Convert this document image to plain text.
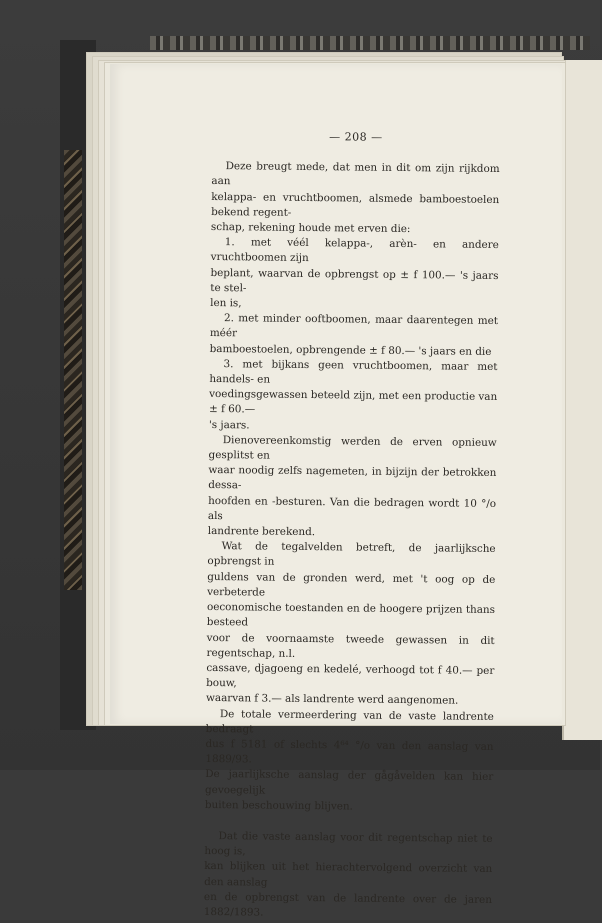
— 208 —

Deze breugt mede, dat men in dit om zijn rijkdom aan
kelappa- en vruchtboomen, alsmede bamboestoelen bekend regent-
schap, rekening houde met erven die:

1. met véél kelappa-, arèn- en andere vruchtboomen zijn
beplant, waarvan de opbrengst op ± f 100.— 's jaars te stel-
len is,

2. met minder ooftboomen, maar daarentegen met méér
bamboestoelen, opbrengende ± f 80.— 's jaars en die

3. met bijkans geen vruchtboomen, maar met handels- en
voedingsgewassen beteeld zijn, met een productie van ± f 60.—
's jaars.

Dienovereenkomstig werden de erven opnieuw gesplitst en
waar noodig zelfs nagemeten, in bijzijn der betrokken dessa-
hoofden en -besturen. Van die bedragen wordt 10 °/o als
landrente berekend.

Wat de tegalvelden betreft, de jaarlijksche opbrengst in
guldens van de gronden werd, met 't oog op de verbeterde
oeconomische toestanden en de hoogere prijzen thans besteed
voor de voornaamste tweede gewassen in dit regentschap, n.l.
cassave, djagoeng en kedelé, verhoogd tot f 40.— per bouw,
waarvan f 3.— als landrente werd aangenomen.

De totale vermeerdering van de vaste landrente bedraagt
dus f 5181 of slechts 4⁶⁴ °/o van den aanslag van 1889/93.
De jaarlijksche aanslag der gågåvelden kan hier gevoegelijk
buiten beschouwing blijven.

Dat die vaste aanslag voor dit regentschap niet te hoog is,
kan blijken uit het hierachtervolgend overzicht van den aanslag
en de opbrengst van de landrente over de jaren 1882/1893.
